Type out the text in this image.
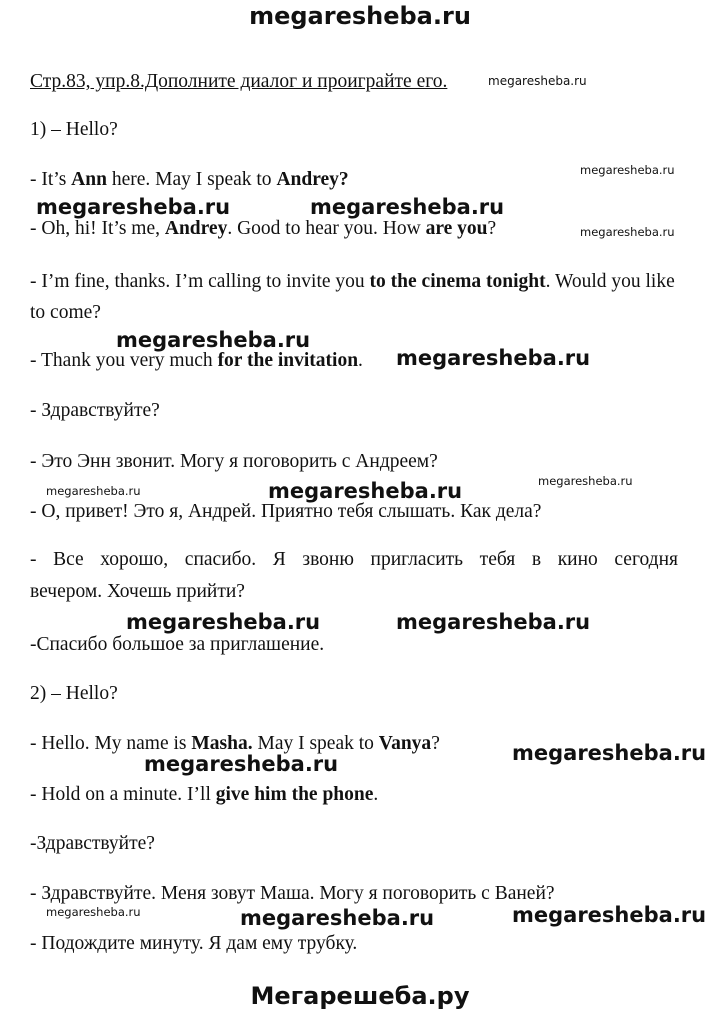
megaresheba.ru
Стр.83, упр.8.Дополните диалог и проиграйте его.	megaresheba.ru
1) – Hello?
- It’s Ann here. May I speak to Andrey?	megaresheba.ru
megaresheba.ru	megaresheba.ru
- Oh, hi! It’s me, Andrey. Good to hear you. How are you?	megaresheba.ru
- I’m fine, thanks. I’m calling to invite you to the cinema tonight. Would you like to come?
megaresheba.ru
- Thank you very much for the invitation. megaresheba.ru
- Здравствуйте?
- Это Энн звонит. Могу я поговорить с Андреем?
megaresheba.ru
megaresheba.ru	megaresheba.ru
- О, привет! Это я, Андрей. Приятно тебя слышать. Как дела?
- Все хорошо, спасибо. Я звоню пригласить тебя в кино сегодня
вечером. Хочешь прийти?
megaresheba.ru	megaresheba.ru
-Спасибо большое за приглашение.
2) – Hello?
- Hello. My name is Masha. May I speak to Vanya?	megaresheba.ru
megaresheba.ru
- Hold on a minute. I’ll give him the phone.
-Здравствуйте?
- Здравствуйте. Меня зовут Маша. Могу я поговорить с Ваней?
megaresheba.ru	megaresheba.ru	megaresheba.ru
- Подождите минуту. Я дам ему трубку.
Мегарешеба.ру
